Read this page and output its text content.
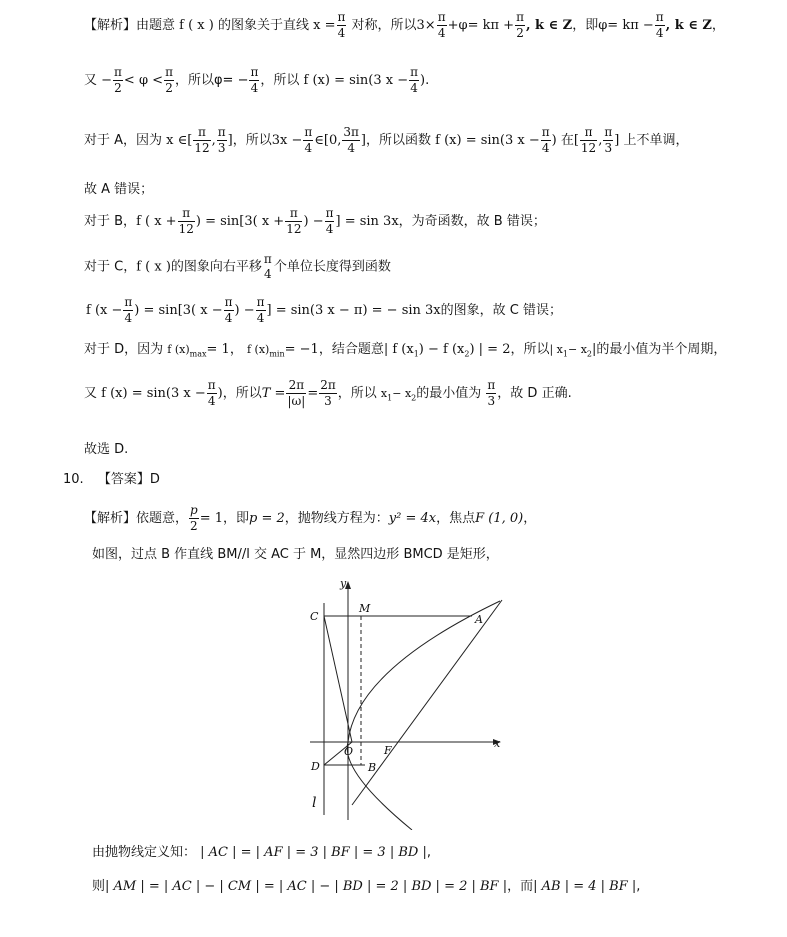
【解析】由题意 f ( x ) 的图象关于直线 $x = \frac{\pi}{4}$ 对称，所以$3\times \frac{\pi}{4} +\varphi= k\pi + \frac{\pi}{2}$ , k ∈ Z，即$\varphi= k\pi - \frac{\pi}{4}$ , k ∈ Z，
又 − $\frac{\pi}{2} < \varphi < \frac{\pi}{2}$ ，所以$\varphi= - \frac{\pi}{4}$ ，所以 f (x) = sin(3 $x - \frac{\pi}{4}$ ).
对于 A，因为 x ∈[ $\frac{\pi}{12}$ , $\frac{\pi}{3}$ ]，所以$3x - \frac{\pi}{4}$ ∈[0, $\frac{3\pi}{4}$ ]，所以函数 f (x) = sin(3 $x - \frac{\pi}{4}$ ) 在[ $\frac{\pi}{12}$ , $\frac{\pi}{3}$ ] 上不单调，
故 A 错误；
对于 B，f ( $x + \frac{\pi}{12}$ ) = sin[3( $x + \frac{\pi}{12}$ ) − $\frac{\pi}{4}$ ] = sin 3x，为奇函数，故 B 错误；
对于 C，f ( x )的图象向右平移
π
4 个单位长度得到函数
f ($x - \frac{\pi}{4}$ ) = sin[3( $x - \frac{\pi}{4}$ ) − $\frac{\pi}{4}$ ] = sin(3 x − π) = − sin 3x的图象，故 C 错误；
对于 D，因为 f $(x)_{max}= 1$， f $(x)_{min}= -1$，结合题意| f $(x_1) - f$ $(x_2)$ | = 2，所以| $x_1- x_2|$的最小值为半个周期，
又 f (x) = sin(3 $x - \frac{\pi}{4}$ )，所以$T = \frac{2\pi}{|\omega|} = \frac{2\pi}{3}$ ，所以 $x_1- x_2$的最小值为 $\frac{\pi}{3}$ ，故 D 正确.
故选 D.
10. 【答案】D
【解析】依题意， $\frac{p}{2} = 1$，即p = 2，抛物线方程为：y² = 4x，焦点F (1, 0)，
如图，过点 B 作直线 BM//l 交 AC 于 M，显然四边形 BMCD 是矩形，
y
x
l
C
M
A
O	F
D	B
由抛物线定义知： | AC | = | AF | = 3 | BF | = 3 | BD |,
则| AM | = | AC | − | CM | = | AC | − | BD | = 2 | BD | = 2 | BF |，而| AB | = 4 | BF |,
